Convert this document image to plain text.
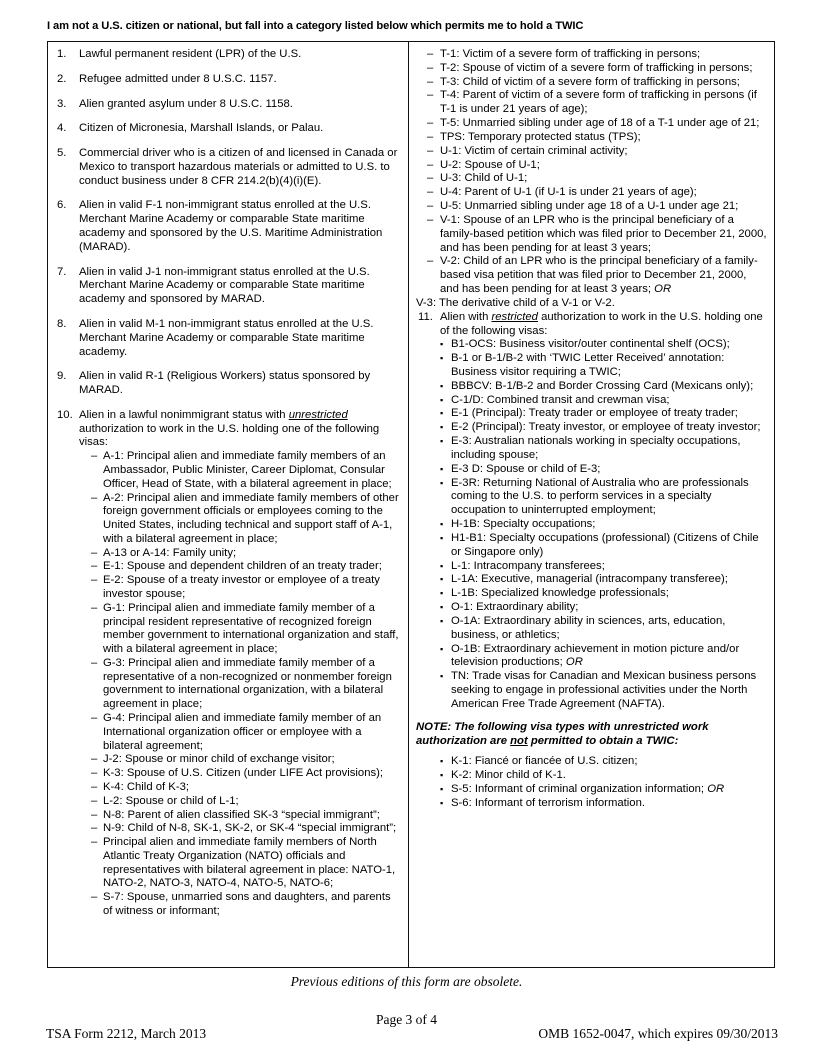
I am not a U.S. citizen or national, but fall into a category listed below which permits me to hold a TWIC
1.	Lawful permanent resident (LPR) of the U.S.
2.	Refugee admitted under 8 U.S.C. 1157.
3.	Alien granted asylum under 8 U.S.C. 1158.
4.	Citizen of Micronesia, Marshall Islands, or Palau.
5.	Commercial driver who is a citizen of and licensed in Canada or Mexico to transport hazardous materials or admitted to U.S. to conduct business under 8 CFR 214.2(b)(4)(i)(E).
6.	Alien in valid F-1 non-immigrant status enrolled at the U.S. Merchant Marine Academy or comparable State maritime academy and sponsored by the U.S. Maritime Administration (MARAD).
7.	Alien in valid J-1 non-immigrant status enrolled at the U.S. Merchant Marine Academy or comparable State maritime academy and sponsored by MARAD.
8.	Alien in valid M-1 non-immigrant status enrolled at the U.S. Merchant Marine Academy or comparable State maritime academy.
9.	Alien in valid R-1 (Religious Workers) status sponsored by MARAD.
10. Alien in a lawful nonimmigrant status with unrestricted authorization to work in the U.S. holding one of the following visas:
– A-1: Principal alien and immediate family members of an Ambassador, Public Minister, Career Diplomat, Consular Officer, Head of State, with a bilateral agreement in place;
– A-2: Principal alien and immediate family members of other foreign government officials or employees coming to the United States, including technical and support staff of A-1, with a bilateral agreement in place;
– A-13 or A-14: Family unity;
– E-1: Spouse and dependent children of an treaty trader;
– E-2: Spouse of a treaty investor or employee of a treaty investor spouse;
– G-1: Principal alien and immediate family member of a principal resident representative of recognized foreign member government to international organization and staff, with a bilateral agreement in place;
– G-3: Principal alien and immediate family member of a representative of a non-recognized or nonmember foreign government to international organization, with a bilateral agreement in place;
– G-4: Principal alien and immediate family member of an International organization officer or employee with a bilateral agreement;
– J-2: Spouse or minor child of exchange visitor;
– K-3: Spouse of U.S. Citizen (under LIFE Act provisions);
– K-4: Child of K-3;
– L-2: Spouse or child of L-1;
– N-8: Parent of alien classified SK-3 “special immigrant”;
– N-9: Child of N-8, SK-1, SK-2, or SK-4 “special immigrant”;
– Principal alien and immediate family members of North Atlantic Treaty Organization (NATO) officials and representatives with bilateral agreement in place: NATO-1, NATO-2, NATO-3, NATO-4, NATO-5, NATO-6;
– S-7: Spouse, unmarried sons and daughters, and parents of witness or informant;
– T-1: Victim of a severe form of trafficking in persons;
– T-2: Spouse of victim of a severe form of trafficking in persons;
– T-3: Child of victim of a severe form of trafficking in persons;
– T-4: Parent of victim of a severe form of trafficking in persons (if T-1 is under 21 years of age);
– T-5: Unmarried sibling under age of 18 of a T-1 under age of 21;
– TPS: Temporary protected status (TPS);
– U-1: Victim of certain criminal activity;
– U-2: Spouse of U-1;
– U-3: Child of U-1;
– U-4: Parent of U-1 (if U-1 is under 21 years of age);
– U-5: Unmarried sibling under age 18 of a U-1 under age 21;
– V-1: Spouse of an LPR who is the principal beneficiary of a family-based petition which was filed prior to December 21, 2000, and has been pending for at least 3 years;
– V-2: Child of an LPR who is the principal beneficiary of a family-based visa petition that was filed prior to December 21, 2000, and has been pending for at least 3 years; OR
V-3: The derivative child of a V-1 or V-2.
11. Alien with restricted authorization to work in the U.S. holding one of the following visas:
▪ B1-OCS: Business visitor/outer continental shelf (OCS);
▪ B-1 or B-1/B-2 with ‘TWIC Letter Received’ annotation: Business visitor requiring a TWIC;
▪ BBBCV: B-1/B-2 and Border Crossing Card (Mexicans only);
▪ C-1/D: Combined transit and crewman visa;
▪ E-1 (Principal): Treaty trader or employee of treaty trader;
▪ E-2 (Principal): Treaty investor, or employee of treaty investor;
▪ E-3: Australian nationals working in specialty occupations, including spouse;
▪ E-3 D: Spouse or child of E-3;
▪ E-3R: Returning National of Australia who are professionals coming to the U.S. to perform services in a specialty occupation to uninterrupted employment;
▪ H-1B: Specialty occupations;
▪ H1-B1: Specialty occupations (professional) (Citizens of Chile or Singapore only)
▪ L-1: Intracompany transferees;
▪ L-1A: Executive, managerial (intracompany transferee);
▪ L-1B: Specialized knowledge professionals;
▪ O-1: Extraordinary ability;
▪ O-1A: Extraordinary ability in sciences, arts, education, business, or athletics;
▪ O-1B: Extraordinary achievement in motion picture and/or television productions; OR
▪ TN: Trade visas for Canadian and Mexican business persons seeking to engage in professional activities under the North American Free Trade Agreement (NAFTA).
NOTE: The following visa types with unrestricted work authorization are not permitted to obtain a TWIC:
▪ K-1: Fiancé or fiancée of U.S. citizen;
▪ K-2: Minor child of K-1.
▪ S-5: Informant of criminal organization information; OR
▪ S-6: Informant of terrorism information.
Previous editions of this form are obsolete.
TSA Form 2212, March 2013
Page 3 of 4
OMB 1652-0047, which expires 09/30/2013
